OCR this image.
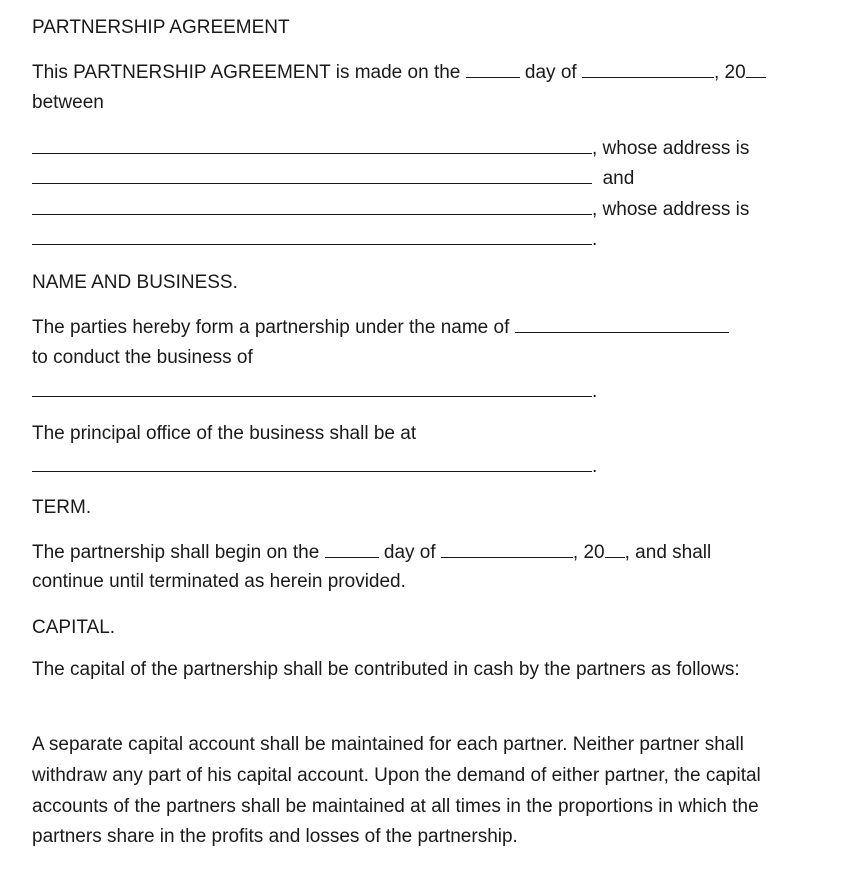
PARTNERSHIP AGREEMENT
This PARTNERSHIP AGREEMENT is made on the	day of	, 20
between
, whose address is
and
, whose address is
.
NAME AND BUSINESS.
The parties hereby form a partnership under the name of
to conduct the business of
.
The principal office of the business shall be at
.
TERM.
The partnership shall begin on the	day of	, 20 , and shall
continue until terminated as herein provided.
CAPITAL.
The capital of the partnership shall be contributed in cash by the partners as follows:
A separate capital account shall be maintained for each partner. Neither partner shall withdraw any part of his capital account. Upon the demand of either partner, the capital accounts of the partners shall be maintained at all times in the proportions in which the partners share in the profits and losses of the partnership.
